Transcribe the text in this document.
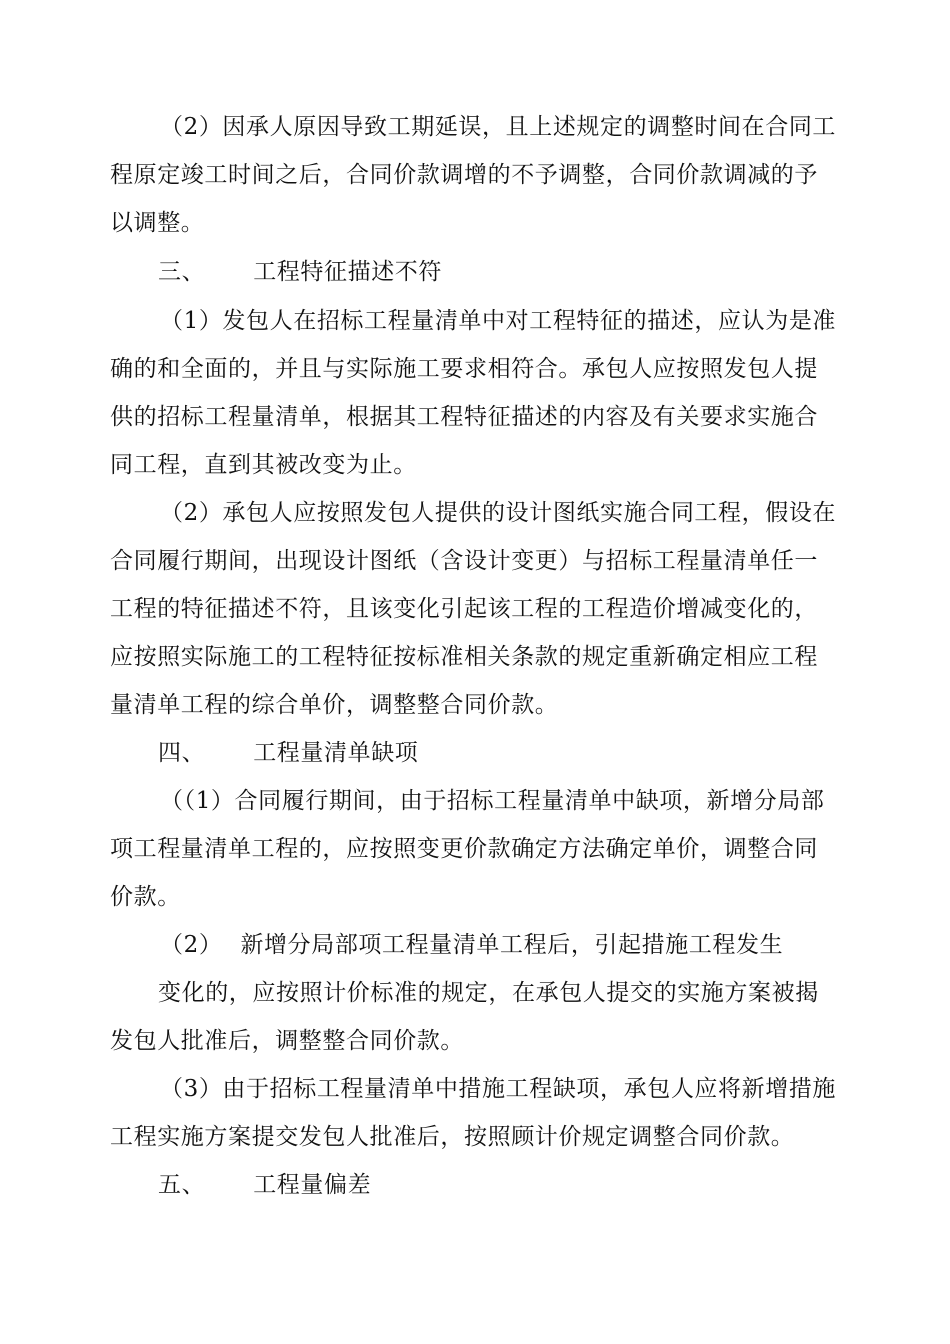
（2）因承人原因导致工期延误，且上述规定的调整时间在合同工
程原定竣工时间之后，合同价款调增的不予调整，合同价款调减的予
以调整。
三、 工程特征描述不符
（1）发包人在招标工程量清单中对工程特征的描述，应认为是准
确的和全面的，并且与实际施工要求相符合。承包人应按照发包人提
供的招标工程量清单，根据其工程特征描述的内容及有关要求实施合
同工程，直到其被改变为止。
（2）承包人应按照发包人提供的设计图纸实施合同工程，假设在
合同履行期间，出现设计图纸（含设计变更）与招标工程量清单任一
工程的特征描述不符，且该变化引起该工程的工程造价增减变化的，
应按照实际施工的工程特征按标准相关条款的规定重新确定相应工程
量清单工程的综合单价，调整整合同价款。
四、 工程量清单缺项
（（1）合同履行期间，由于招标工程量清单中缺项，新增分局部
项工程量清单工程的，应按照变更价款确定方法确定单价，调整合同
价款。
（2） 新增分局部项工程量清单工程后，引起措施工程发生
变化的，应按照计价标准的规定，在承包人提交的实施方案被揭
发包人批准后，调整整合同价款。
（3）由于招标工程量清单中措施工程缺项，承包人应将新增措施
工程实施方案提交发包人批准后，按照顾计价规定调整合同价款。
五、 工程量偏差
